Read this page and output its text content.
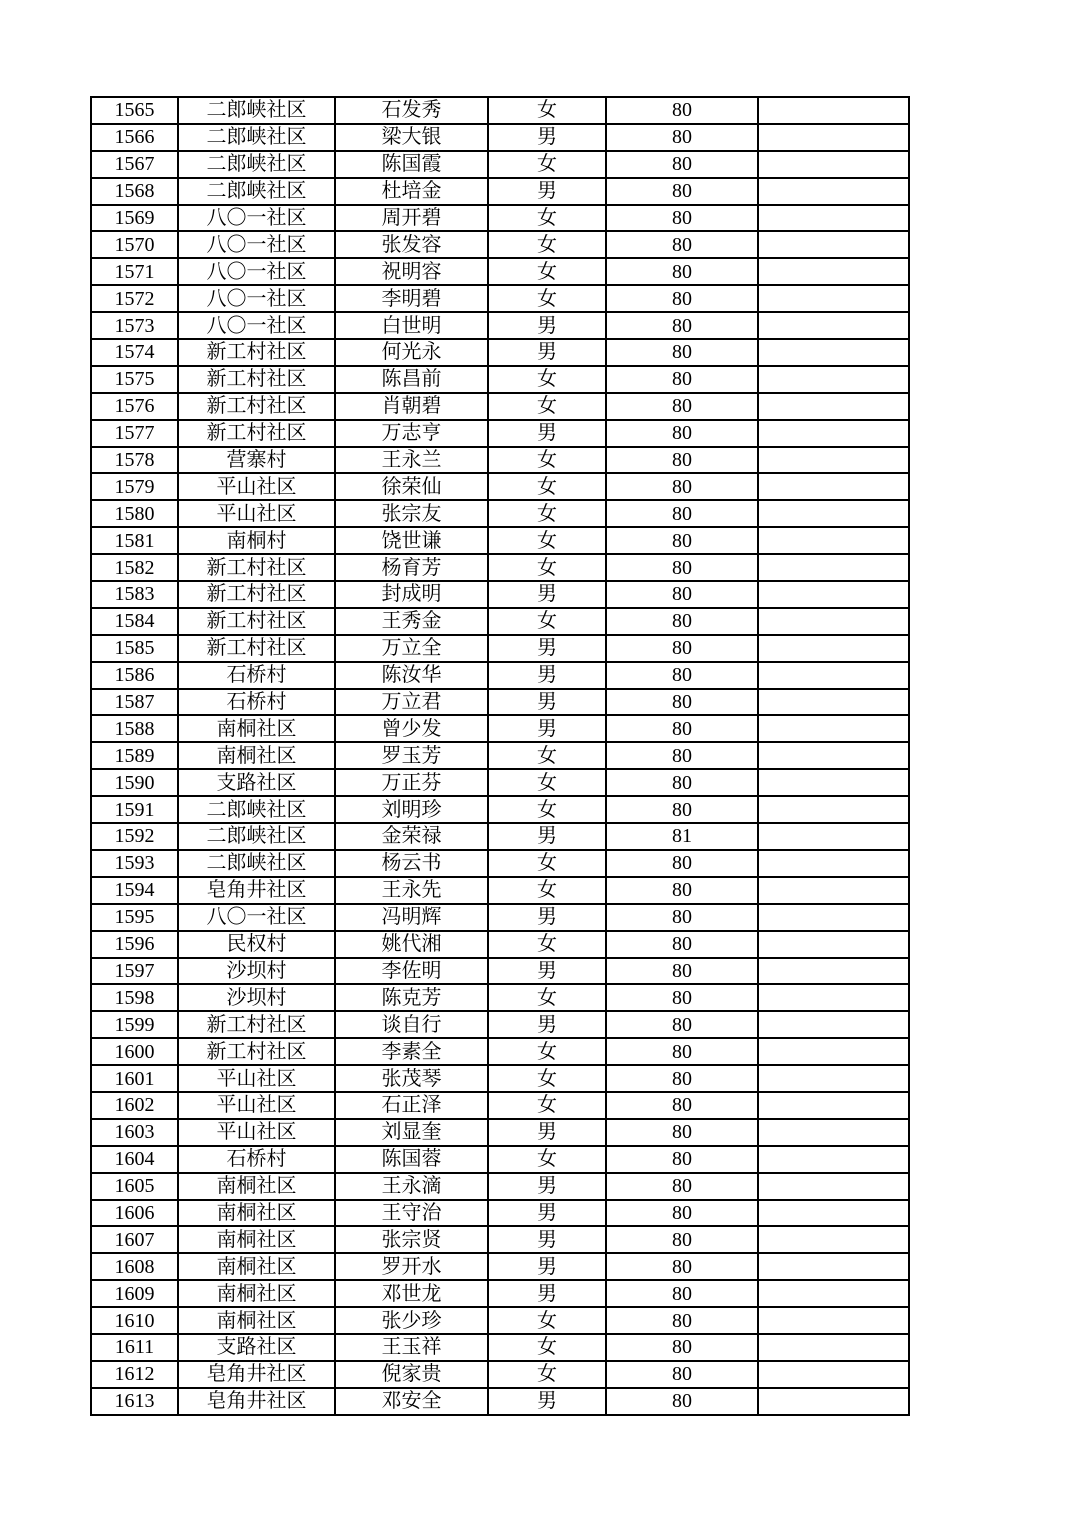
1565	二郎峡社区	石发秀	女	80	
1566	二郎峡社区	梁大银	男	80	
1567	二郎峡社区	陈国霞	女	80	
1568	二郎峡社区	杜培金	男	80	
1569	八〇一社区	周开碧	女	80	
1570	八〇一社区	张发容	女	80	
1571	八〇一社区	祝明容	女	80	
1572	八〇一社区	李明碧	女	80	
1573	八〇一社区	白世明	男	80	
1574	新工村社区	何光永	男	80	
1575	新工村社区	陈昌前	女	80	
1576	新工村社区	肖朝碧	女	80	
1577	新工村社区	万志亨	男	80	
1578	营寨村	王永兰	女	80	
1579	平山社区	徐荣仙	女	80	
1580	平山社区	张宗友	女	80	
1581	南桐村	饶世谦	女	80	
1582	新工村社区	杨育芳	女	80	
1583	新工村社区	封成明	男	80	
1584	新工村社区	王秀金	女	80	
1585	新工村社区	万立全	男	80	
1586	石桥村	陈汝华	男	80	
1587	石桥村	万立君	男	80	
1588	南桐社区	曾少发	男	80	
1589	南桐社区	罗玉芳	女	80	
1590	支路社区	万正芬	女	80	
1591	二郎峡社区	刘明珍	女	80	
1592	二郎峡社区	金荣禄	男	81	
1593	二郎峡社区	杨云书	女	80	
1594	皂角井社区	王永先	女	80	
1595	八〇一社区	冯明辉	男	80	
1596	民权村	姚代湘	女	80	
1597	沙坝村	李佐明	男	80	
1598	沙坝村	陈克芳	女	80	
1599	新工村社区	谈自行	男	80	
1600	新工村社区	李素全	女	80	
1601	平山社区	张茂琴	女	80	
1602	平山社区	石正泽	女	80	
1603	平山社区	刘显奎	男	80	
1604	石桥村	陈国蓉	女	80	
1605	南桐社区	王永滴	男	80	
1606	南桐社区	王守治	男	80	
1607	南桐社区	张宗贤	男	80	
1608	南桐社区	罗开水	男	80	
1609	南桐社区	邓世龙	男	80	
1610	南桐社区	张少珍	女	80	
1611	支路社区	王玉祥	女	80	
1612	皂角井社区	倪家贵	女	80	
1613	皂角井社区	邓安全	男	80	
